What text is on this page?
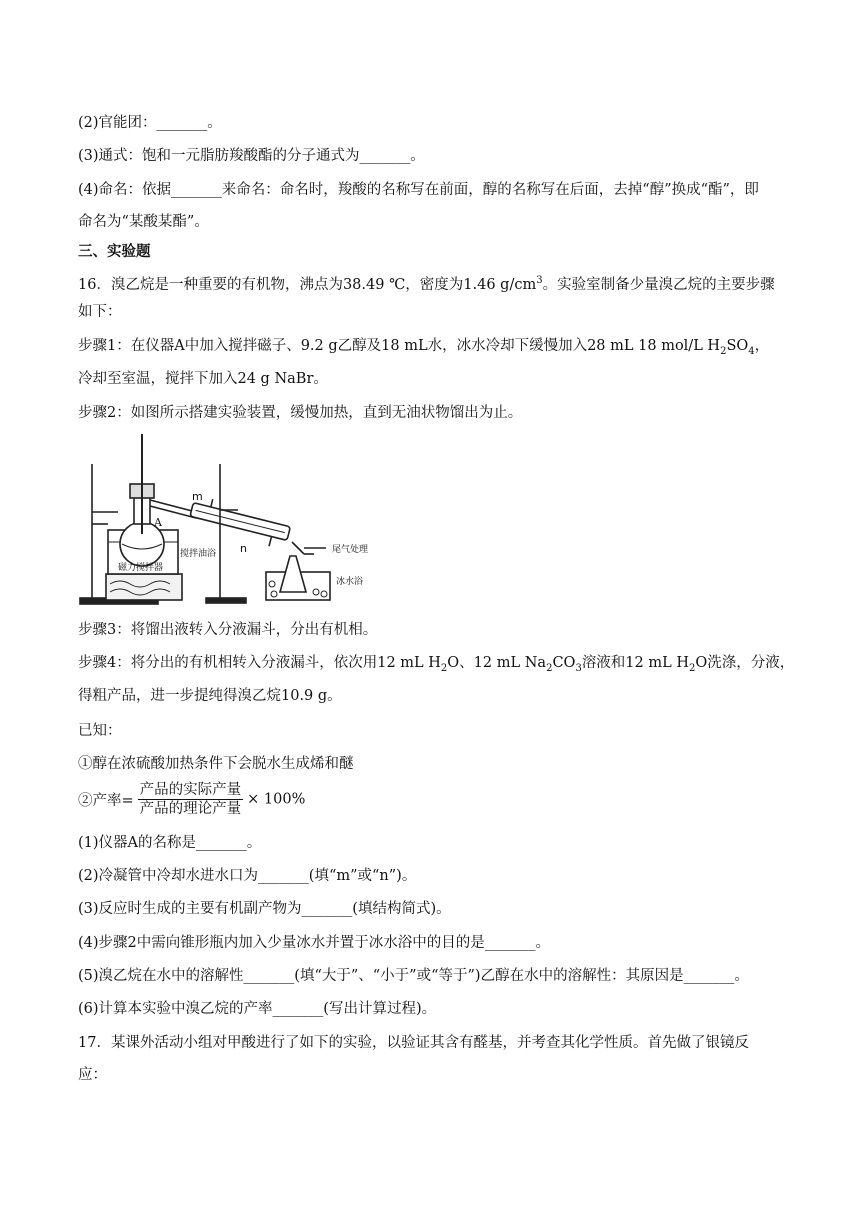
(2)官能团：_______。
(3)通式：饱和一元脂肪羧酸酯的分子通式为_______。
(4)命名：依据_______来命名：命名时，羧酸的名称写在前面，醇的名称写在后面，去掉“醇”换成“酯”，即
命名为“某酸某酯”。
三、实验题
16．溴乙烷是一种重要的有机物，沸点为38.49 ℃，密度为1.46 $g/cm^3$。实验室制备少量溴乙烷的主要步骤
如下：
步骤1：在仪器A中加入搅拌磁子、9.2 g乙醇及18 mL水，冰水冷却下缓慢加入28 mL 18 mol/L $H_2SO_4$，
冷却至室温，搅拌下加入24 g NaBr。
步骤2：如图所示搭建实验装置，缓慢加热，直到无油状物馏出为止。
A
m
n
搅拌油浴
磁力搅拌器
尾气处理
冰水浴
步骤3：将馏出液转入分液漏斗，分出有机相。
步骤4：将分出的有机相转入分液漏斗，依次用12 mL $H_2O$、12 mL $Na_2CO_3$溶液和12 mL $H_2O$洗涤，分液，
得粗产品，进一步提纯得溴乙烷10.9 g。
已知：
①醇在浓硫酸加热条件下会脱水生成烯和醚
②产率= $\frac{\text{产品的实际产量}}{\text{产品的理论产量}} \times 100\%$
(1)仪器A的名称是_______。
(2)冷凝管中冷却水进水口为_______(填“m”或“n”)。
(3)反应时生成的主要有机副产物为_______(填结构简式)。
(4)步骤2中需向锥形瓶内加入少量冰水并置于冰水浴中的目的是_______。
(5)溴乙烷在水中的溶解性_______(填“大于”、“小于”或“等于”)乙醇在水中的溶解性：其原因是_______。
(6)计算本实验中溴乙烷的产率_______(写出计算过程)。
17．某课外活动小组对甲酸进行了如下的实验，以验证其含有醛基，并考查其化学性质。首先做了银镜反
应：
